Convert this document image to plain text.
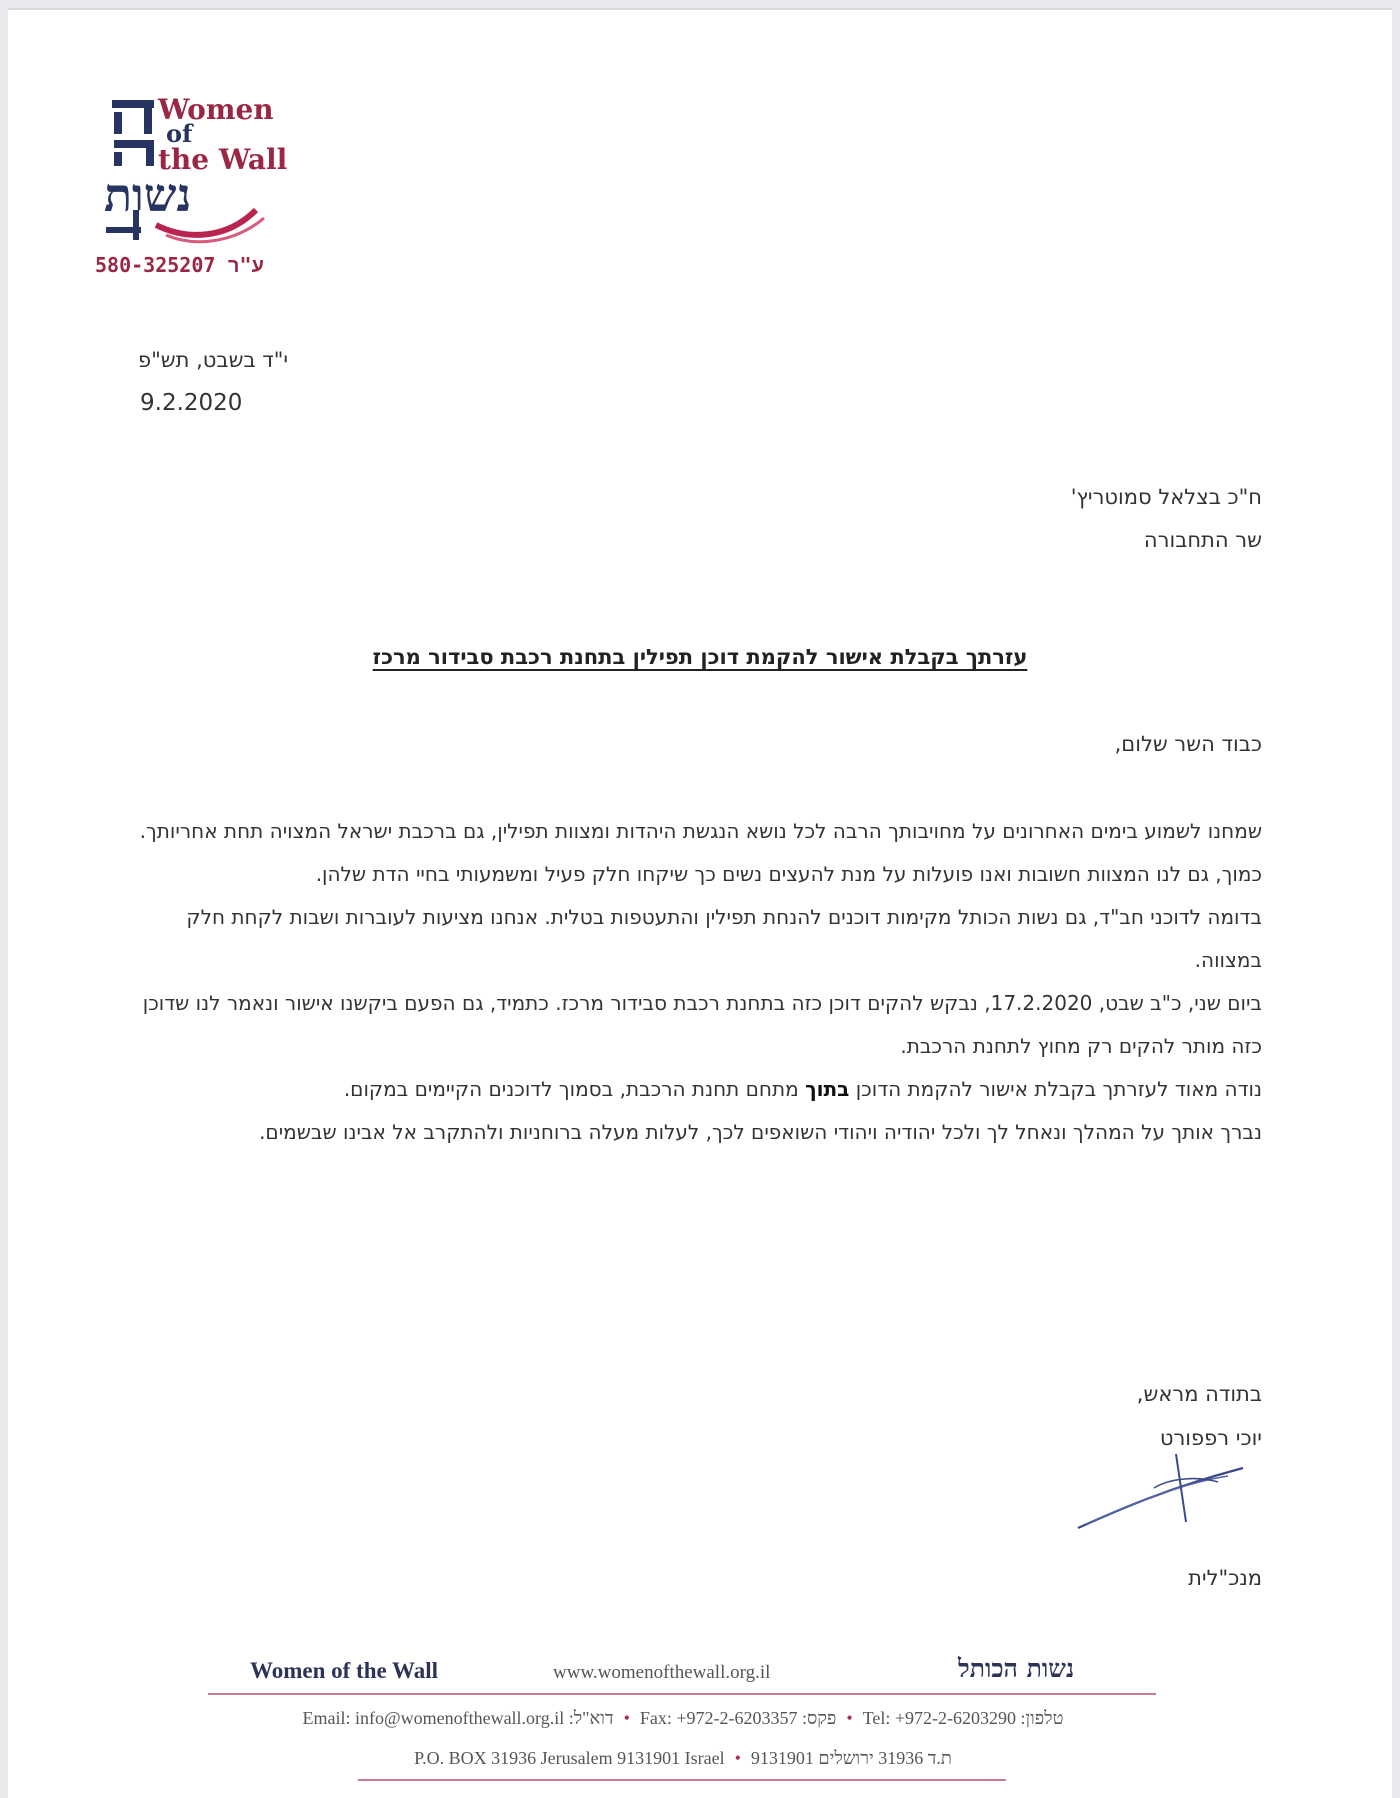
Women
of
the Wall
נשות
580-325207 ע"ר
י"ד בשבט, תש"פ
9.2.2020
ח"כ בצלאל סמוטריץ'
שר התחבורה
עזרתך בקבלת אישור להקמת דוכן תפילין בתחנת רכבת סבידור מרכז
כבוד השר שלום,

שמחנו לשמוע בימים האחרונים על מחויבותך הרבה לכל נושא הנגשת היהדות ומצוות תפילין, גם ברכבת ישראל המצויה תחת אחריותך.

כמוך, גם לנו המצוות חשובות ואנו פועלות על מנת להעצים נשים כך שיקחו חלק פעיל ומשמעותי בחיי הדת שלהן.

בדומה לדוכני חב"ד, גם נשות הכותל מקימות דוכנים להנחת תפילין והתעטפות בטלית. אנחנו מציעות לעוברות ושבות לקחת חלק במצווה.

ביום שני, כ"ב שבט, 17.2.2020, נבקש להקים דוכן כזה בתחנת רכבת סבידור מרכז. כתמיד, גם הפעם ביקשנו אישור ונאמר לנו שדוכן כזה מותר להקים רק מחוץ לתחנת הרכבת.

נודה מאוד לעזרתך בקבלת אישור להקמת הדוכן בתוך מתחם תחנת הרכבת, בסמוך לדוכנים הקיימים במקום.

נברך אותך על המהלך ונאחל לך ולכל יהודיה ויהודי השואפים לכך, לעלות מעלה ברוחניות ולהתקרב אל אבינו שבשמים.

בתודה מראש,
יוכי רפפורט
מנכ"לית
Women of the Wall	www.womenofthewall.org.il	נשות הכותל
Email: info@womenofthewall.org.il :דוא"ל • Fax: +972-2-6203357 :פקס • Tel: +972-2-6203290 :טלפון
P.O. BOX 31936 Jerusalem 9131901 Israel • ת.ד 31936 ירושלים 9131901
